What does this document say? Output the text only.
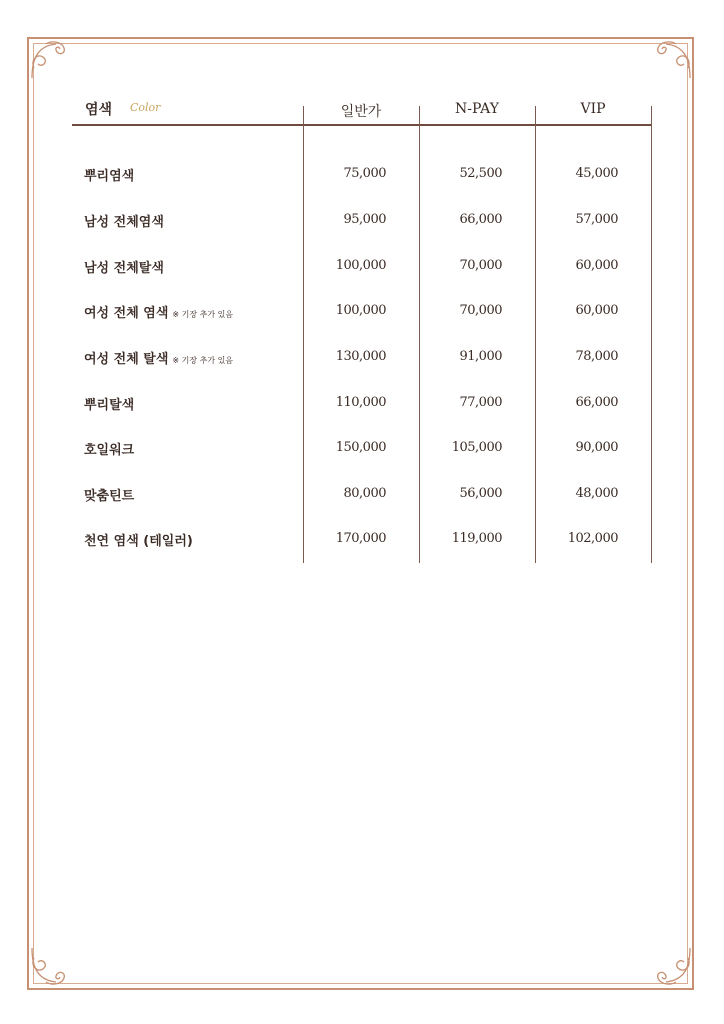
염색 Color	일반가	N-PAY	VIP
뿌리염색	75,000	52,500	45,000
남성 전체염색	95,000	66,000	57,000
남성 전체탈색	100,000	70,000	60,000
여성 전체 염색 ※ 기장 추가 있음	100,000	70,000	60,000
여성 전체 탈색 ※ 기장 추가 있음	130,000	91,000	78,000
뿌리탈색	110,000	77,000	66,000
호일워크	150,000	105,000	90,000
맞춤틴트	80,000	56,000	48,000
천연 염색 (테일러)	170,000	119,000	102,000
